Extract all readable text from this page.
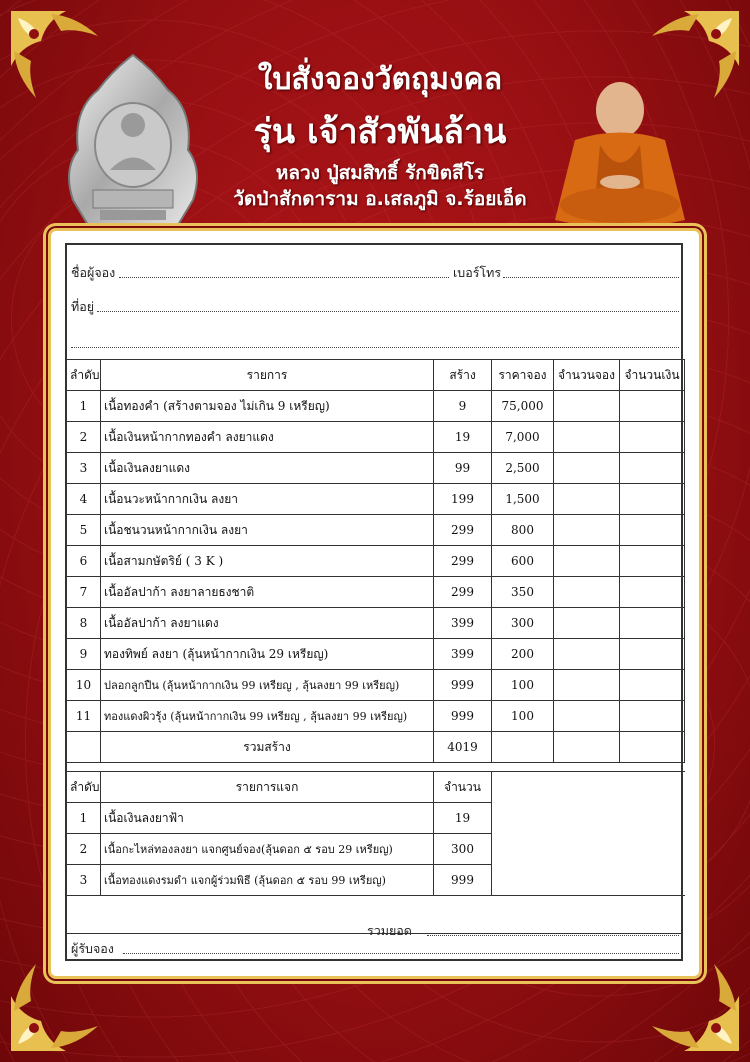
ใบสั่งจองวัตถุมงคล
รุ่น เจ้าสัวพันล้าน
หลวง ปู่สมสิทธิ์ รักขิตสีโร
วัดป่าสักดาราม อ.เสลภูมิ จ.ร้อยเอ็ด
ชื่อผู้จอง	เบอร์โทร
ที่อยู่
ลำดับ	รายการ	สร้าง	ราคาจอง	จำนวนจอง	จำนวนเงิน
1	เนื้อทองคำ (สร้างตามจอง ไม่เกิน 9 เหรียญ)	9	75,000		
2	เนื้อเงินหน้ากากทองคำ ลงยาแดง	19	7,000		
3	เนื้อเงินลงยาแดง	99	2,500		
4	เนื้อนวะหน้ากากเงิน ลงยา	199	1,500		
5	เนื้อชนวนหน้ากากเงิน ลงยา	299	800		
6	เนื้อสามกษัตริย์ ( 3 K )	299	600		
7	เนื้ออัลปาก้า ลงยาลายธงชาติ	299	350		
8	เนื้ออัลปาก้า ลงยาแดง	399	300		
9	ทองทิพย์ ลงยา (ลุ้นหน้ากากเงิน 29 เหรียญ)	399	200		
10	ปลอกลูกปืน (ลุ้นหน้ากากเงิน 99 เหรียญ , ลุ้นลงยา 99 เหรียญ)	999	100		
11	ทองแดงผิวรุ้ง (ลุ้นหน้ากากเงิน 99 เหรียญ , ลุ้นลงยา 99 เหรียญ)	999	100		
	รวมสร้าง	4019			
ลำดับ	รายการแจก	จำนวน	
1	เนื้อเงินลงยาฟ้า	19	
2	เนื้อกะไหล่ทองลงยา แจกศูนย์จอง(ลุ้นดอก ๕ รอบ 29 เหรียญ)	300	
3	เนื้อทองแดงรมดำ แจกผู้ร่วมพิธี (ลุ้นดอก ๕ รอบ 99 เหรียญ)	999	
รวมยอด
ผู้รับจอง
